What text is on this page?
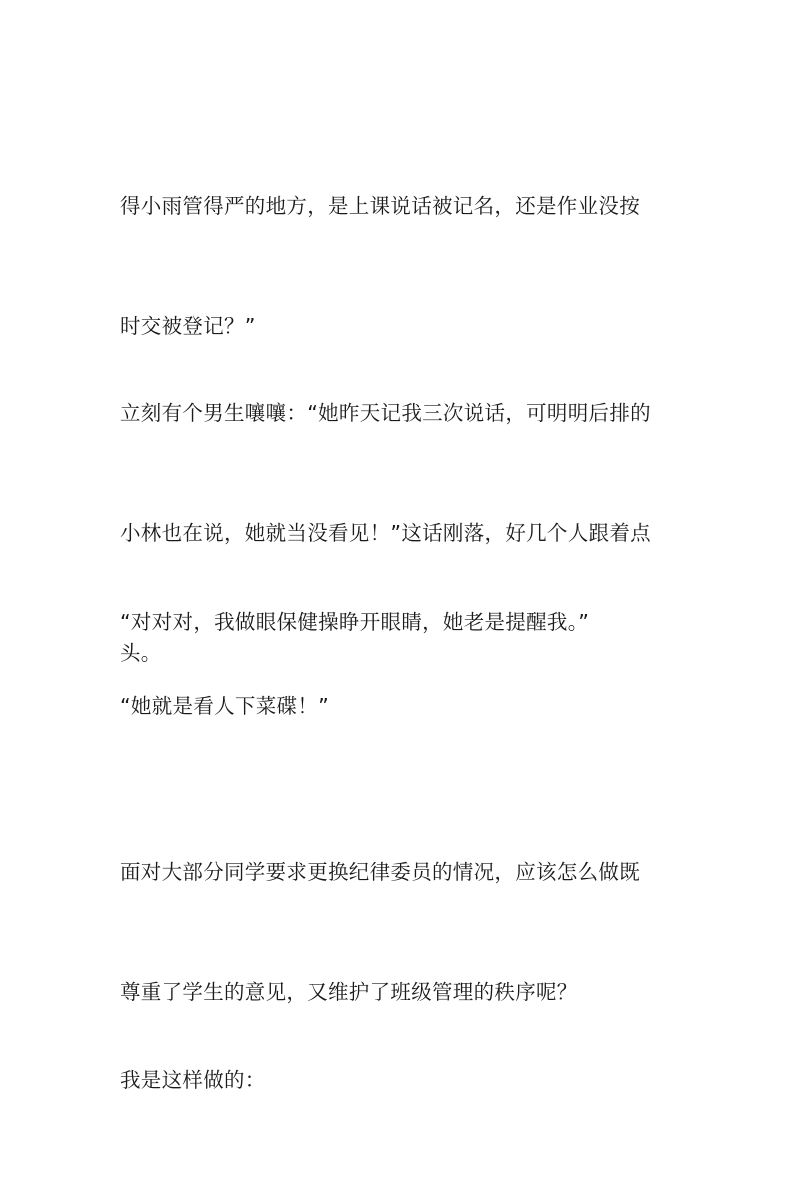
得小雨管得严的地方，是上课说话被记名，还是作业没按

时交被登记？”

立刻有个男生嚷嚷：“她昨天记我三次说话，可明明后排的

小林也在说，她就当没看见！”这话刚落，好几个人跟着点

头。

“对对对，我做眼保健操睁开眼睛，她老是提醒我。”

“她就是看人下菜碟！”

面对大部分同学要求更换纪律委员的情况，应该怎么做既

尊重了学生的意见，又维护了班级管理的秩序呢？

我是这样做的：
